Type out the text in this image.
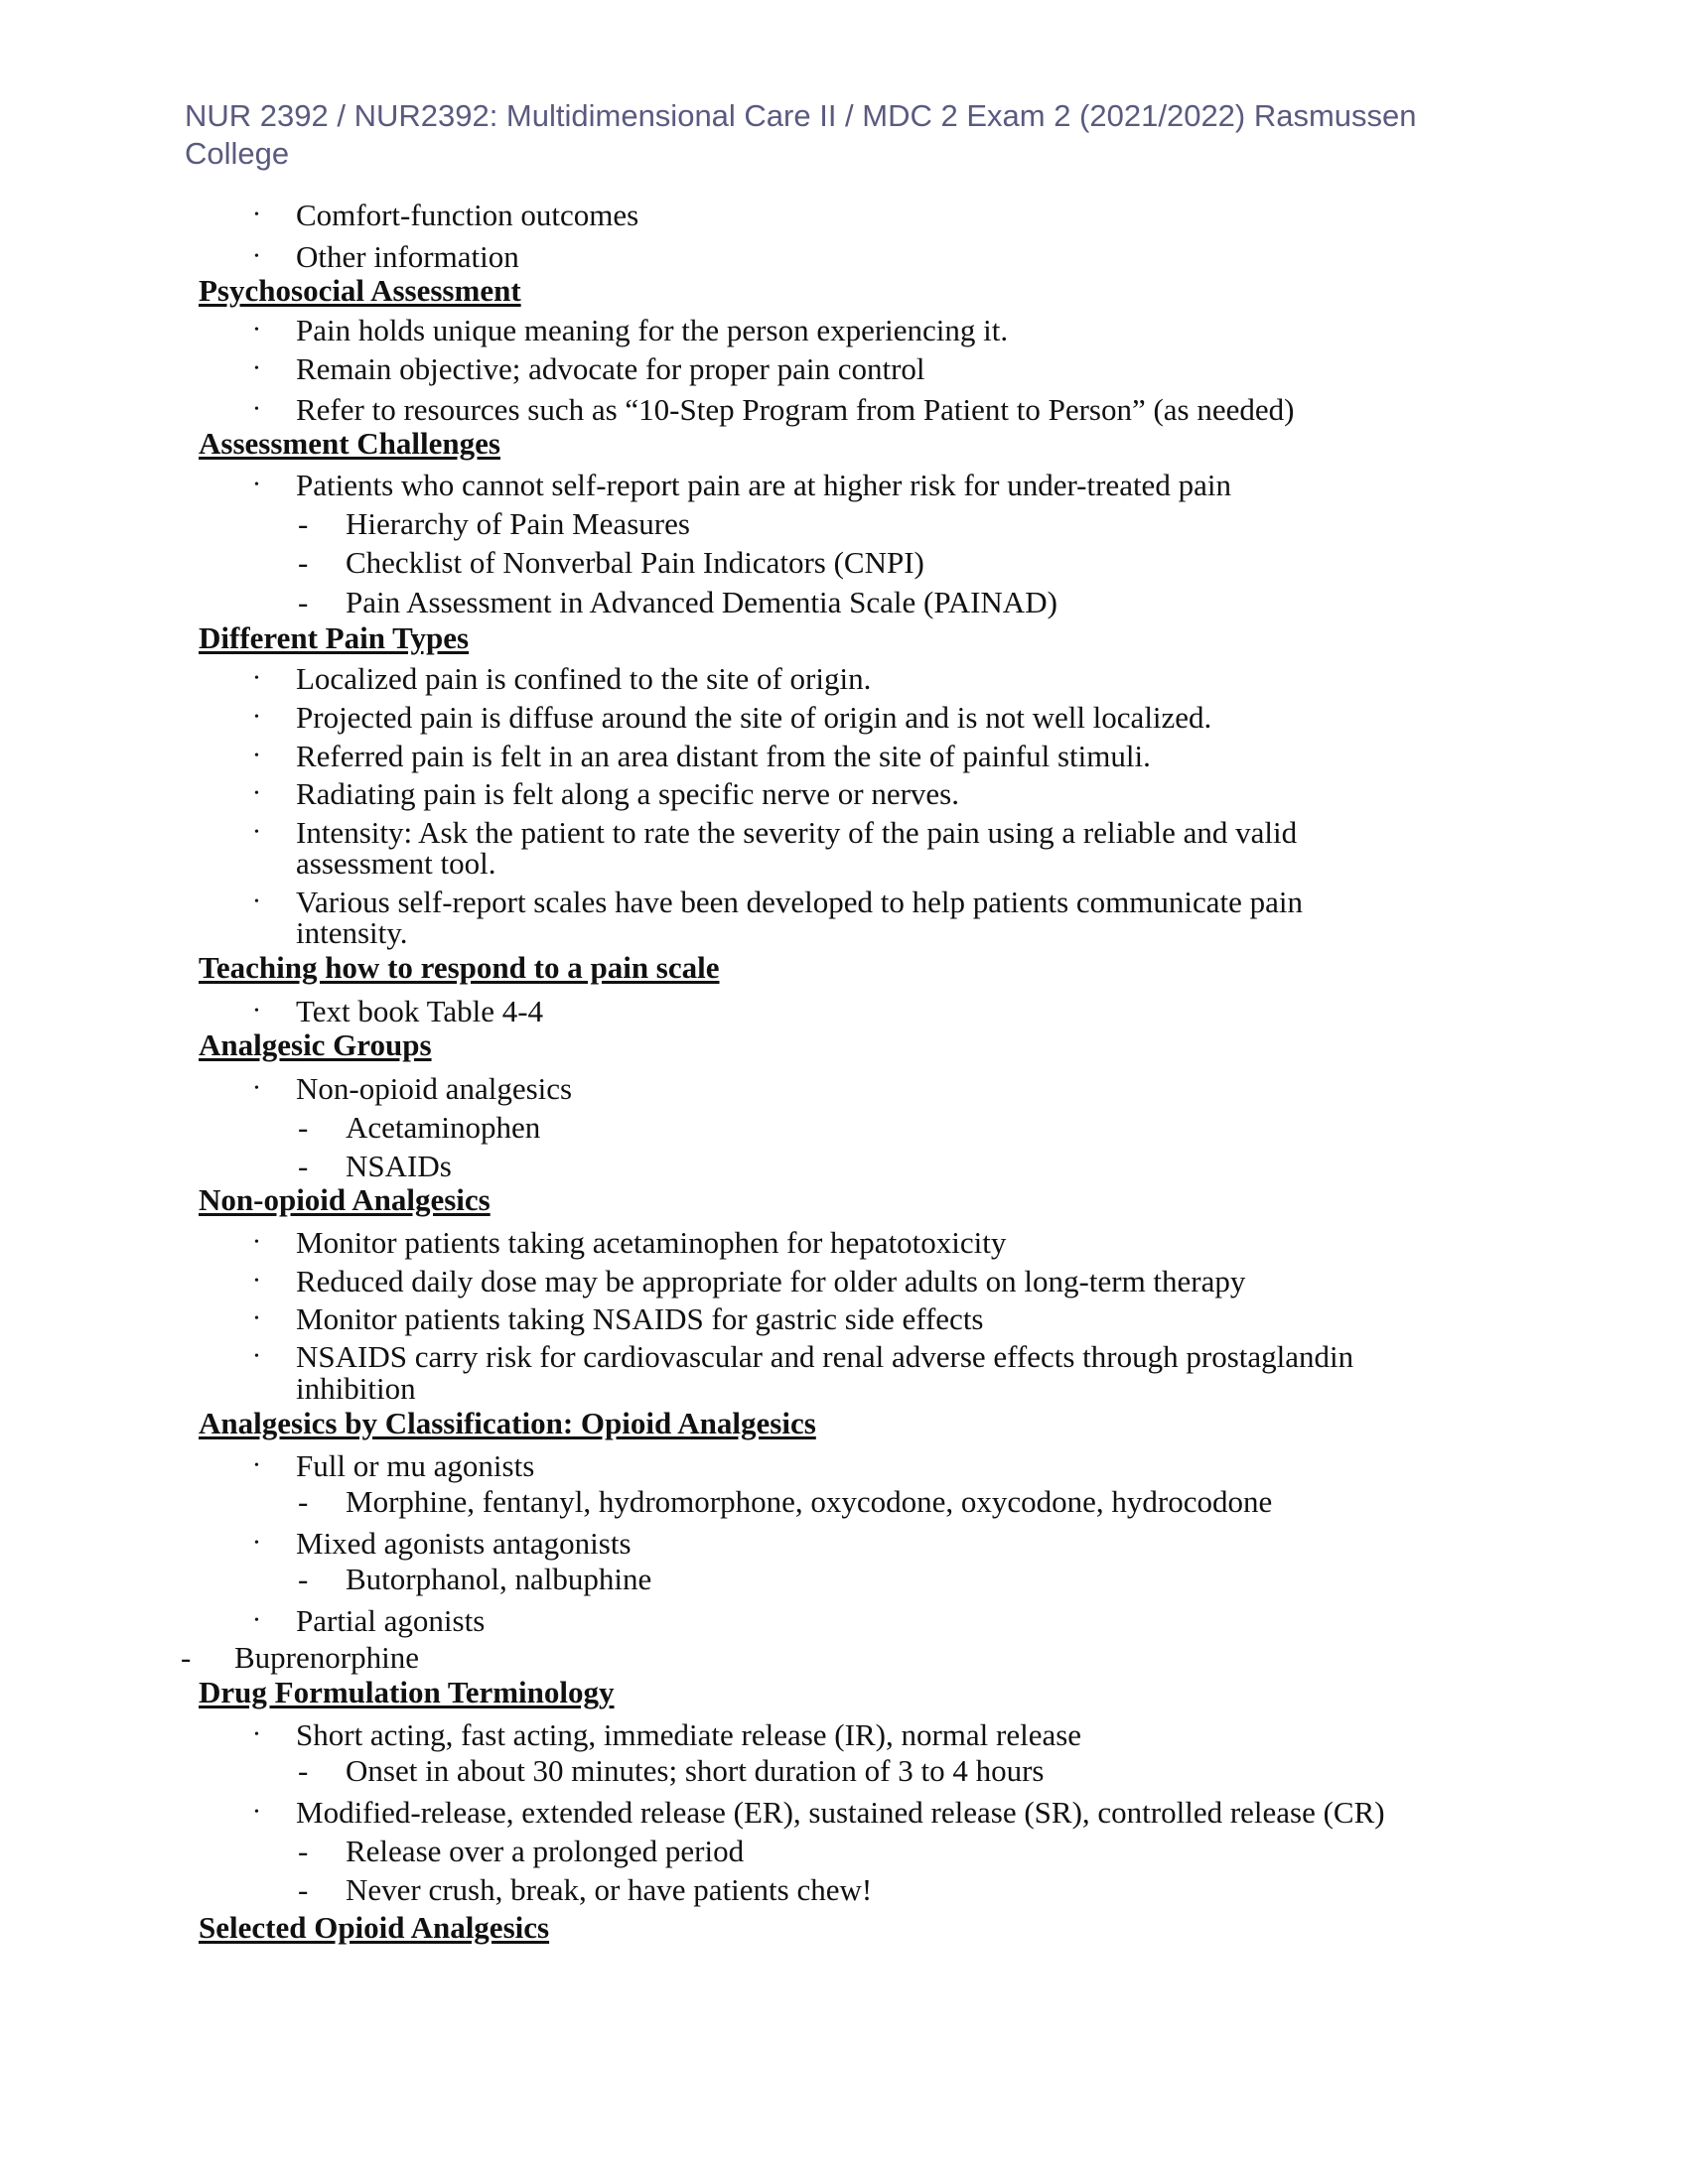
NUR 2392 / NUR2392: Multidimensional Care II / MDC 2 Exam 2 (2021/2022) Rasmussen College
• Comfort-function outcomes
• Other information
Psychosocial Assessment
• Pain holds unique meaning for the person experiencing it.
• Remain objective; advocate for proper pain control
• Refer to resources such as “10-Step Program from Patient to Person” (as needed)
Assessment Challenges
• Patients who cannot self-report pain are at higher risk for under-treated pain
- Hierarchy of Pain Measures
- Checklist of Nonverbal Pain Indicators (CNPI)
- Pain Assessment in Advanced Dementia Scale (PAINAD)
Different Pain Types
• Localized pain is confined to the site of origin.
• Projected pain is diffuse around the site of origin and is not well localized.
• Referred pain is felt in an area distant from the site of painful stimuli.
• Radiating pain is felt along a specific nerve or nerves.
• Intensity: Ask the patient to rate the severity of the pain using a reliable and valid
assessment tool.
• Various self-report scales have been developed to help patients communicate pain
intensity.
Teaching how to respond to a pain scale
• Text book Table 4-4
Analgesic Groups
• Non-opioid analgesics
- Acetaminophen
- NSAIDs
Non-opioid Analgesics
• Monitor patients taking acetaminophen for hepatotoxicity
• Reduced daily dose may be appropriate for older adults on long-term therapy
• Monitor patients taking NSAIDS for gastric side effects
• NSAIDS carry risk for cardiovascular and renal adverse effects through prostaglandin
inhibition
Analgesics by Classification: Opioid Analgesics
• Full or mu agonists
- Morphine, fentanyl, hydromorphone, oxycodone, oxycodone, hydrocodone
• Mixed agonists antagonists
- Butorphanol, nalbuphine
• Partial agonists
- Buprenorphine
Drug Formulation Terminology
• Short acting, fast acting, immediate release (IR), normal release
- Onset in about 30 minutes; short duration of 3 to 4 hours
• Modified-release, extended release (ER), sustained release (SR), controlled release (CR)
- Release over a prolonged period
- Never crush, break, or have patients chew!
Selected Opioid Analgesics
